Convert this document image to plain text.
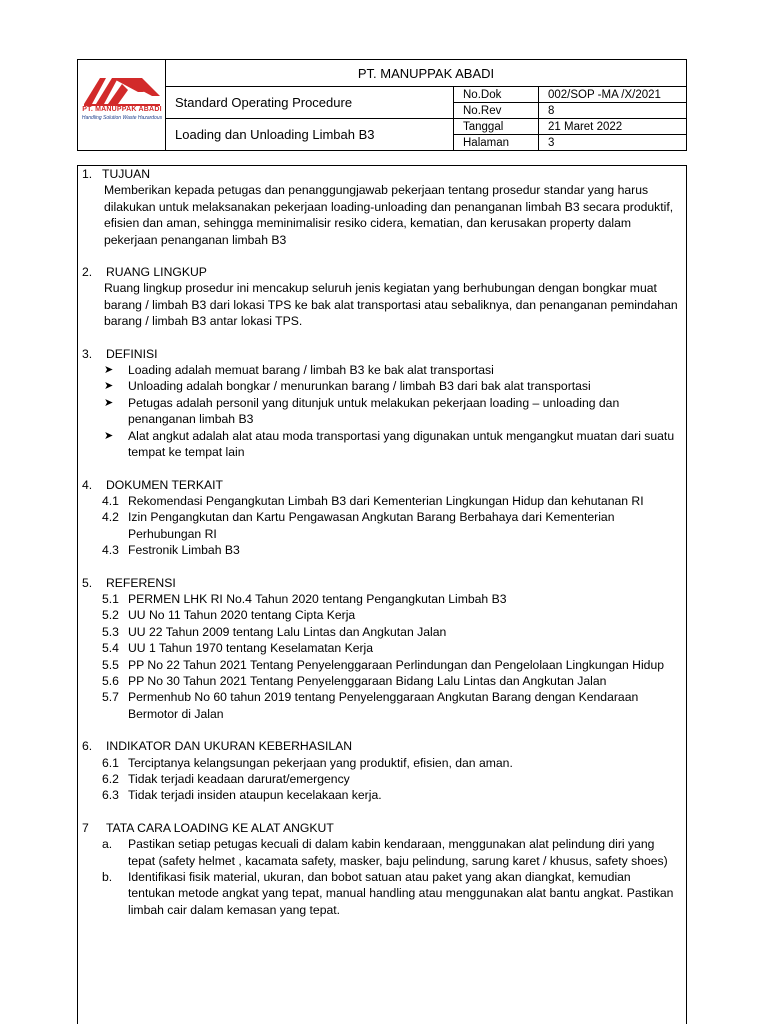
PT. MANUPPAK ABADI
Handling Solution Waste Hazardous
PT. MANUPPAK ABADI
Standard Operating Procedure
Loading dan Unloading Limbah B3
No.Dok	002/SOP -MA /X/2021
No.Rev	8
Tanggal	21 Maret 2022
Halaman	3
1. TUJUAN
Memberikan kepada petugas dan penanggungjawab pekerjaan tentang prosedur standar yang harus dilakukan untuk melaksanakan pekerjaan loading-unloading dan penanganan limbah B3 secara produktif, efisien dan aman, sehingga meminimalisir resiko cidera, kematian, dan kerusakan property dalam pekerjaan penanganan limbah B3
2.	RUANG LINGKUP
Ruang lingkup prosedur ini mencakup seluruh jenis kegiatan yang berhubungan dengan bongkar muat barang / limbah B3 dari lokasi TPS ke bak alat transportasi atau sebaliknya, dan penanganan pemindahan barang / limbah B3 antar lokasi TPS.
3.	DEFINISI
➤	Loading adalah memuat barang / limbah B3 ke bak alat transportasi
➤	Unloading adalah bongkar / menurunkan barang / limbah B3 dari bak alat transportasi
➤	Petugas adalah personil yang ditunjuk untuk melakukan pekerjaan loading – unloading dan penanganan limbah B3
➤	Alat angkut adalah alat atau moda transportasi yang digunakan untuk mengangkut muatan dari suatu tempat ke tempat lain
4.	DOKUMEN TERKAIT
4.1 Rekomendasi Pengangkutan Limbah B3 dari Kementerian Lingkungan Hidup dan kehutanan RI
4.2 Izin Pengangkutan dan Kartu Pengawasan Angkutan Barang Berbahaya dari Kementerian Perhubungan RI
4.3 Festronik Limbah B3
5.	REFERENSI
5.1 PERMEN LHK RI No.4 Tahun 2020 tentang Pengangkutan Limbah B3
5.2 UU No 11 Tahun 2020 tentang Cipta Kerja
5.3 UU 22 Tahun 2009 tentang Lalu Lintas dan Angkutan Jalan
5.4 UU 1 Tahun 1970 tentang Keselamatan Kerja
5.5 PP No 22 Tahun 2021 Tentang Penyelenggaraan Perlindungan dan Pengelolaan Lingkungan Hidup
5.6 PP No 30 Tahun 2021 Tentang Penyelenggaraan Bidang Lalu Lintas dan Angkutan Jalan
5.7 Permenhub No 60 tahun 2019 tentang Penyelenggaraan Angkutan Barang dengan Kendaraan Bermotor di Jalan
6.	INDIKATOR DAN UKURAN KEBERHASILAN
6.1 Terciptanya kelangsungan pekerjaan yang produktif, efisien, dan aman.
6.2 Tidak terjadi keadaan darurat/emergency
6.3 Tidak terjadi insiden ataupun kecelakaan kerja.
7	TATA CARA LOADING KE ALAT ANGKUT
a.	Pastikan setiap petugas kecuali di dalam kabin kendaraan, menggunakan alat pelindung diri yang tepat (safety helmet , kacamata safety, masker, baju pelindung, sarung karet / khusus, safety shoes)
b.	Identifikasi fisik material, ukuran, dan bobot satuan atau paket yang akan diangkat, kemudian tentukan metode angkat yang tepat, manual handling atau menggunakan alat bantu angkat. Pastikan limbah cair dalam kemasan yang tepat.
